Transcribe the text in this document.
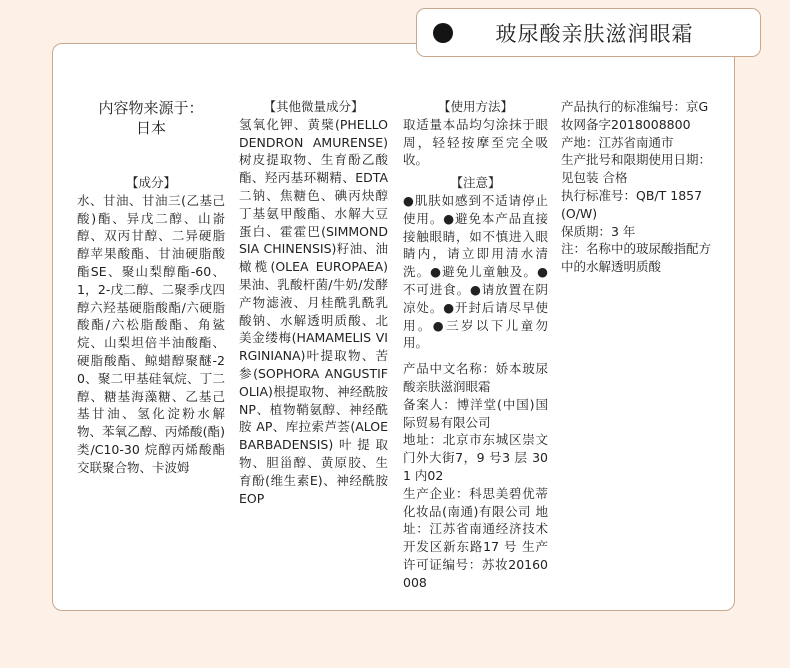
玻尿酸亲肤滋润眼霜

内容物来源于：

日本

【成分】

水、甘油、甘油三(乙基己酸)酯、异戊二醇、山嵛醇、双丙甘醇、二异硬脂醇苹果酸酯、甘油硬脂酸酯SE、聚山梨醇酯-60、1，2-戊二醇、二聚季戊四醇六羟基硬脂酸酯/六硬脂酸酯/六松脂酸酯、角鲨烷、山梨坦倍半油酸酯、硬脂酸酯、鲸蜡醇聚醚-20、聚二甲基硅氧烷、丁二醇、糖基海藻糖、乙基己基甘油、氢化淀粉水解物、苯氧乙醇、丙烯酸(酯)类/C10-30 烷醇丙烯酸酯交联聚合物、卡波姆

【其他微量成分】

氢氧化钾、黄檗(PHELLODENDRON AMURENSE)树皮提取物、生育酚乙酸酯、羟丙基环糊精、EDTA 二钠、焦糖色、碘丙炔醇丁基氨甲酸酯、水解大豆蛋白、霍霍巴(SIMMONDSIA CHINENSIS)籽油、油橄榄(OLEA EUROPAEA)果油、乳酸杆菌/牛奶/发酵产物滤液、月桂酰乳酰乳酸钠、水解透明质酸、北美金缕梅(HAMAMELIS VIRGINIANA)叶提取物、苦参(SOPHORA ANGUSTIFOLIA)根提取物、神经酰胺 NP、植物鞘氨醇、神经酰胺 AP、库拉索芦荟(ALOE BARBADENSIS)叶提取物、胆甾醇、黄原胶、生育酚(维生素E)、神经酰胺 EOP

【使用方法】

取适量本品均匀涂抹于眼周，轻轻按摩至完全吸收。

【注意】

●肌肤如感到不适请停止使用。●避免本产品直接接触眼睛，如不慎进入眼睛内，请立即用清水清洗。●避免儿童触及。●不可进食。●请放置在阴凉处。●开封后请尽早使用。●三岁以下儿童勿用。

产品中文名称：娇本玻尿酸亲肤滋润眼霜

备案人：博洋堂(中国)国际贸易有限公司

地址：北京市东城区崇文门外大街7，9 号3 层 301 内02

生产企业：科思美碧优蒂化妆品(南通)有限公司 地址：江苏省南通经济技术开发区新东路17 号 生产许可证编号：苏妆20160008

产品执行的标准编号：京G 妆网备字2018008800

产地：江苏省南通市

生产批号和限期使用日期：见包装 合格

执行标准号：QB/T 1857 (O/W)

保质期：3 年

注：名称中的玻尿酸指配方中的水解透明质酸
